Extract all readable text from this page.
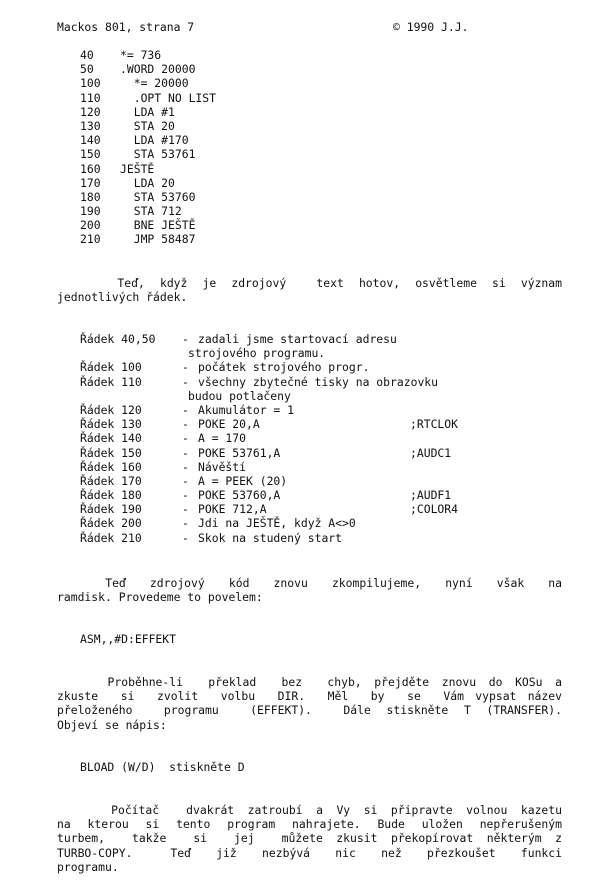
Mackos 801, strana 7	© 1990 J.J.
40 *= 736
50 .WORD 20000
100  *= 20000
110  .OPT NO LIST
120  LDA #1
130  STA 20
140  LDA #170
150  STA 53761
160 JEŠTĚ
170  LDA 20
180  STA 53760
190  STA 712
200  BNE JEŠTĚ
210  JMP 58487
Teď, když je zdrojový  text hotov, osvětleme si význam
jednotlivých řádek.
Řádek 40,50 - zadali jsme startovací adresu
strojového programu.
Řádek 100	- počátek strojového progr.
Řádek 110	- všechny zbytečné tisky na obrazovku
budou potlačeny
Řádek 120	- Akumulátor = 1
Řádek 130	- POKE 20,A	;RTCLOK
Řádek 140	- A = 170
Řádek 150	- POKE 53761,A	;AUDC1
Řádek 160	- Návěští
Řádek 170	- A = PEEK (20)
Řádek 180	- POKE 53760,A	;AUDF1
Řádek 190	- POKE 712,A	;COLOR4
Řádek 200	- Jdi na JEŠTĚ, když A<>0
Řádek 210	- Skok na studený start
Teď  zdrojový  kód  znovu  zkompilujeme,  nyní  však  na
ramdisk. Provedeme to povelem:
ASM,,#D:EFFEKT
Proběhne-li  překlad  bez  chyb, přejděte znovu do KOSu a
zkuste  si  zvolit  volbu  DIR.  Měl  by  se  Vám vypsat název
přeloženého  programu  (EFFEKT).  Dále stiskněte T (TRANSFER).
Objeví se nápis:
BLOAD (W/D)  stiskněte D
Počítač  dvakrát zatroubí a Vy si připravte volnou kazetu
na kterou si tento program nahrajete. Bude uložen nepřerušeným
turbem,  takže  si  jej  můžete zkusit překopírovat některým z
TURBO-COPY.   Teď  již  nezbývá  nic  než  přezkoušet  funkci
programu.
